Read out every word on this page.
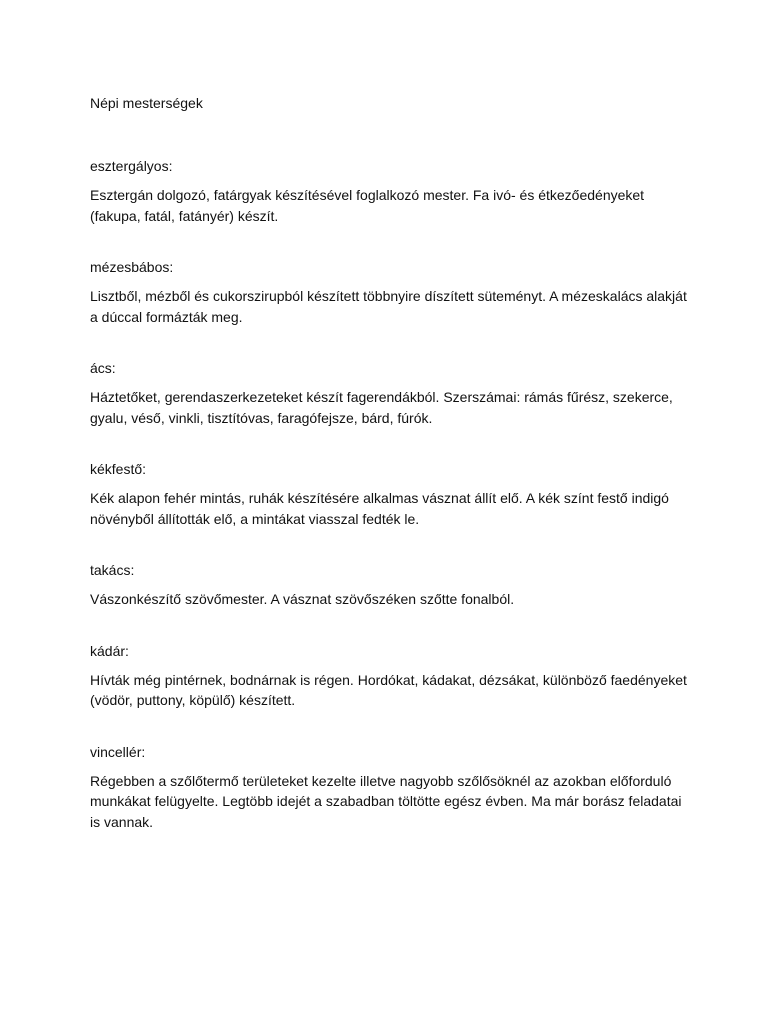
Népi mesterségek

esztergályos:

Esztergán dolgozó, fatárgyak készítésével foglalkozó mester. Fa ivó- és étkezőedényeket (fakupa, fatál, fatányér) készít.

mézesbábos:

Lisztből, mézből és cukorszirupból készített többnyire díszített süteményt. A mézeskalács alakját a dúccal formázták meg.

ács:

Háztetőket, gerendaszerkezeteket készít fagerendákból. Szerszámai: rámás fűrész, szekerce, gyalu, véső, vinkli, tisztítóvas, faragófejsze, bárd, fúrók.

kékfestő:

Kék alapon fehér mintás, ruhák készítésére alkalmas vásznat állít elő. A kék színt festő indigó növényből állították elő, a mintákat viasszal fedték le.

takács:

Vászonkészítő szövőmester. A vásznat szövőszéken szőtte fonalból.

kádár:

Hívták még pintérnek, bodnárnak is régen. Hordókat, kádakat, dézsákat, különböző faedényeket (vödör, puttony, köpülő) készített.

vincellér:

Régebben a szőlőtermő területeket kezelte illetve nagyobb szőlősöknél az azokban előforduló munkákat felügyelte. Legtöbb idejét a szabadban töltötte egész évben. Ma már borász feladatai is vannak.
